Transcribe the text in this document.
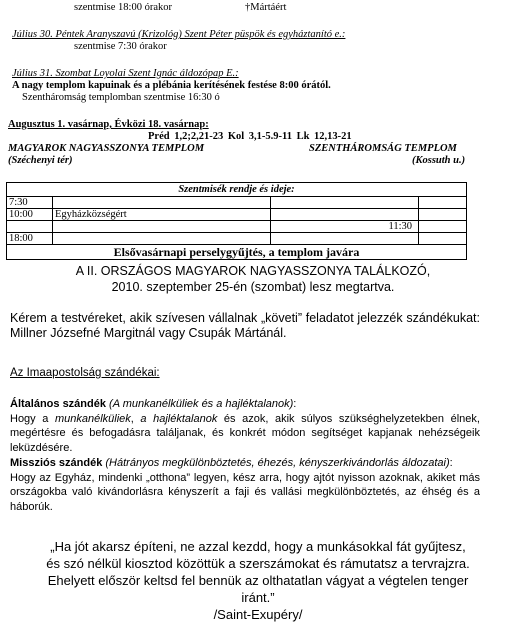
szentmise 18:00 órakor	†Mártáért
Július 30. Péntek Aranyszavú (Krizológ) Szent Péter püspök és egyháztanító e.:
szentmise 7:30 órakor
Július 31. Szombat Loyolai Szent Ignác áldozópap E.:
A nagy templom kapuinak és a plébánia kerítésének festése 8:00 órától.
Szentháromság templomban szentmise 16:30 ó
Augusztus 1. vasárnap, Évközi 18. vasárnap:
Préd 1,2;2,21-23 Kol 3,1-5.9-11 Lk 12,13-21
MAGYAROK NAGYASSZONYA TEMPLOM
(Széchenyi tér)
SZENTHÁROMSÁG TEMPLOM
(Kossuth u.)
Szentmisék rendje és ideje:			
7:30			
10:00	Egyházközségért		
		11:30	
18:00			
Elsővasárnapi perselygyűjtés, a templom javára			
A II. ORSZÁGOS MAGYAROK NAGYASSZONYA TALÁLKOZÓ,
2010. szeptember 25-én (szombat) lesz megtartva.
Kérem a testvéreket, akik szívesen vállalnak „követi” feladatot jelezzék szándékukat: Millner Józsefné Margitnál vagy Csupák Mártánál.
Az Imaapostolság szándékai:
Általános szándék (A munkanélküliek és a hajléktalanok):
Hogy a munkanélküliek, a hajléktalanok és azok, akik súlyos szükséghelyzetekben élnek, megértésre és befogadásra találjanak, és konkrét módon segítséget kapjanak nehézségeik leküzdésére.
Missziós szándék (Hátrányos megkülönböztetés, éhezés, kényszerkivándorlás áldozatai):
Hogy az Egyház, mindenki „otthona” legyen, kész arra, hogy ajtót nyisson azoknak, akiket más országokba való kivándorlásra kényszerít a faji és vallási megkülönböztetés, az éhség és a háborúk.
„Ha jót akarsz építeni, ne azzal kezdd, hogy a munkásokkal fát gyűjtesz, és szó nélkül kiosztod közöttük a szerszámokat és rámutatsz a tervrajzra. Ehelyett először keltsd fel bennük az olthatatlan vágyat a végtelen tenger iránt.”
/Saint-Exupéry/
